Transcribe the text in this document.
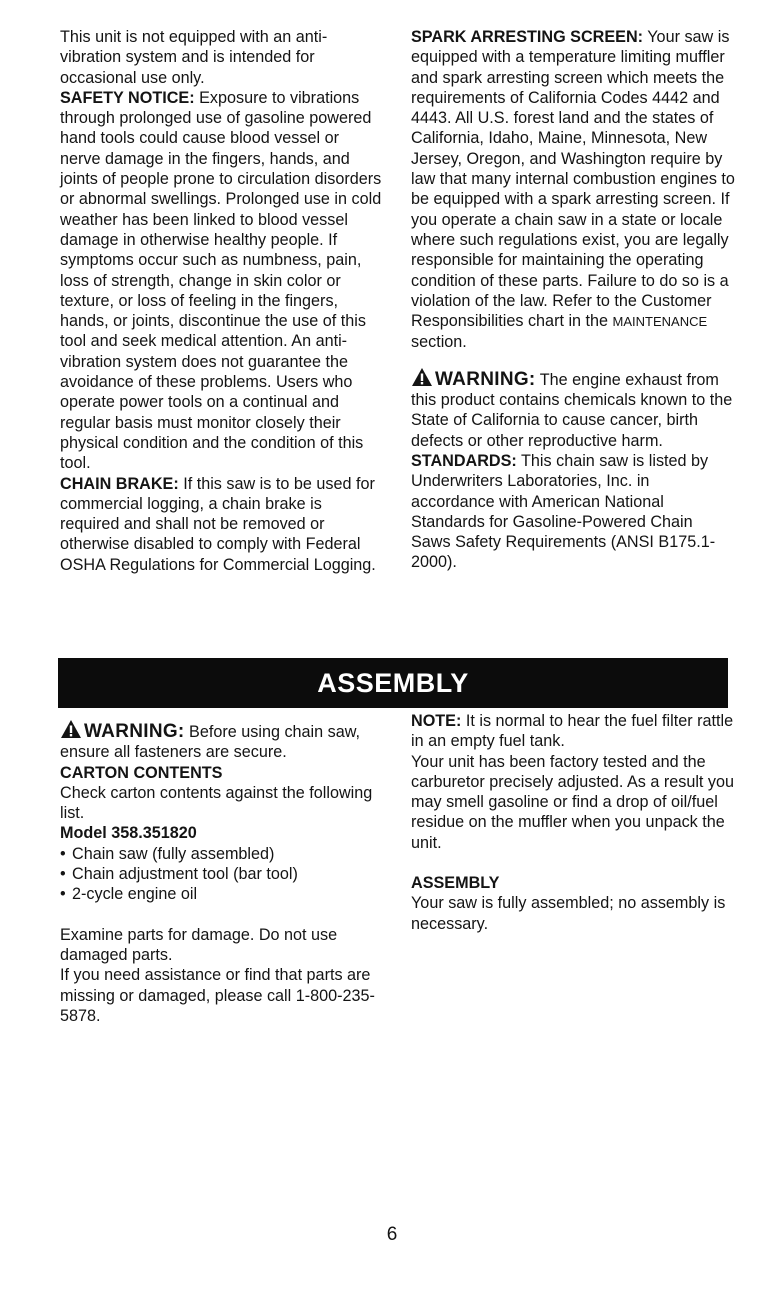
This unit is not equipped with an anti-vibration system and is intended for occasional use only.

SAFETY NOTICE: Exposure to vibrations through prolonged use of gasoline powered hand tools could cause blood vessel or nerve damage in the fingers, hands, and joints of people prone to circulation disorders or abnormal swellings. Prolonged use in cold weather has been linked to blood vessel damage in otherwise healthy people. If symptoms occur such as numbness, pain, loss of strength, change in skin color or texture, or loss of feeling in the fingers, hands, or joints, discontinue the use of this tool and seek medical attention. An anti-vibration system does not guarantee the avoidance of these problems. Users who operate power tools on a continual and regular basis must monitor closely their physical condition and the condition of this tool.

CHAIN BRAKE: If this saw is to be used for commercial logging, a chain brake is required and shall not be removed or otherwise disabled to comply with Federal OSHA Regulations for Commercial Logging.

SPARK ARRESTING SCREEN: Your saw is equipped with a temperature limiting muffler and spark arresting screen which meets the requirements of California Codes 4442 and 4443. All U.S. forest land and the states of California, Idaho, Maine, Minnesota, New Jersey, Oregon, and Washington require by law that many internal combustion engines to be equipped with a spark arresting screen. If you operate a chain saw in a state or locale where such regulations exist, you are legally responsible for maintaining the operating condition of these parts. Failure to do so is a violation of the law. Refer to the Customer Responsibilities chart in the MAINTENANCE section.

WARNING: The engine exhaust from this product contains chemicals known to the State of California to cause cancer, birth defects or other reproductive harm.

STANDARDS: This chain saw is listed by Underwriters Laboratories, Inc. in accordance with American National Standards for Gasoline-Powered Chain Saws Safety Requirements (ANSI B175.1-2000).

ASSEMBLY

WARNING: Before using chain saw, ensure all fasteners are secure.

CARTON CONTENTS

Check carton contents against the following list.

Model 358.351820
• Chain saw (fully assembled)
• Chain adjustment tool (bar tool)
• 2-cycle engine oil

Examine parts for damage. Do not use damaged parts.

If you need assistance or find that parts are missing or damaged, please call 1-800-235-5878.

NOTE: It is normal to hear the fuel filter rattle in an empty fuel tank.

Your unit has been factory tested and the carburetor precisely adjusted. As a result you may smell gasoline or find a drop of oil/fuel residue on the muffler when you unpack the unit.

ASSEMBLY

Your saw is fully assembled; no assembly is necessary.

6
